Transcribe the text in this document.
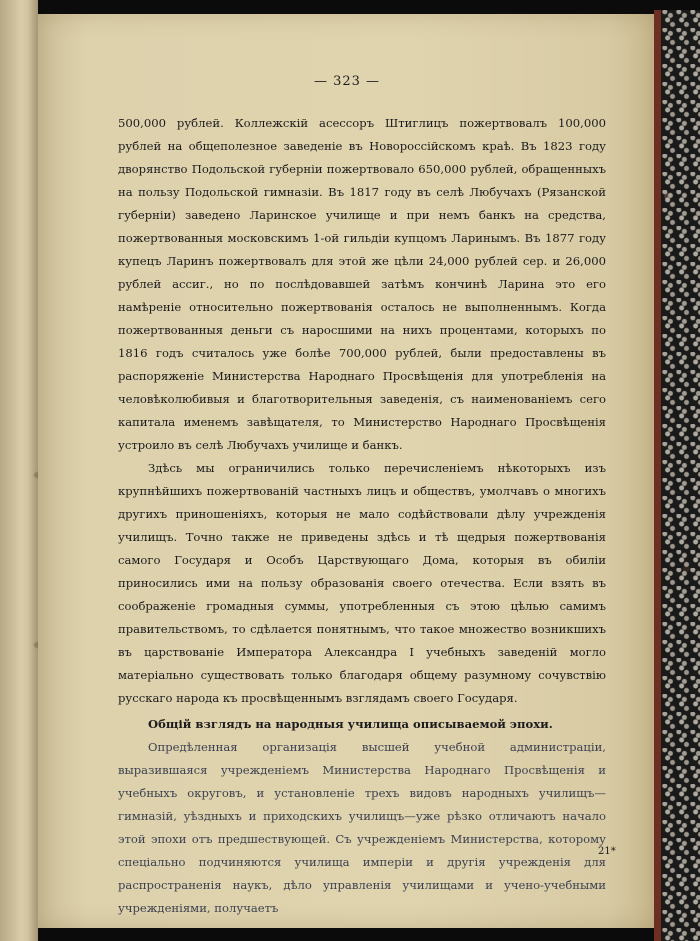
— 323 —

500,000 рублей. Коллежскій асессоръ Штиглицъ пожертвовалъ 100,000 рублей на общеполезное заведеніе въ Новороссійскомъ краѣ. Въ 1823 году дворянство Подольской губерніи пожертвовало 650,000 рублей, обращенныхъ на пользу Подольской гимназіи. Въ 1817 году въ селѣ Любучахъ (Рязанской губерніи) заведено Ларинское училище и при немъ банкъ на средства, пожертвованныя московскимъ 1-ой гильдіи купцомъ Ларинымъ. Въ 1877 году купецъ Ларинъ пожертвовалъ для этой же цѣли 24,000 рублей сер. и 26,000 рублей ассиг., но по послѣдовавшей затѣмъ кончинѣ Ларина это его намѣреніе относительно пожертвованія осталось не выполненнымъ. Когда пожертвованныя деньги съ наросшими на нихъ процентами, которыхъ по 1816 годъ считалось уже болѣе 700,000 рублей, были предоставлены въ распоряженіе Министерства Народнаго Просвѣщенія для употребленія на человѣколюбивыя и благотворительныя заведенія, съ наименованіемъ сего капитала именемъ завѣщателя, то Министерство Народнаго Просвѣщенія устроило въ селѣ Любучахъ училище и банкъ.

Здѣсь мы ограничились только перечисленіемъ нѣкоторыхъ изъ крупнѣйшихъ пожертвованій частныхъ лицъ и обществъ, умолчавъ о многихъ другихъ приношеніяхъ, которыя не мало содѣйствовали дѣлу учрежденія училищъ. Точно также не приведены здѣсь и тѣ щедрыя пожертвованія самого Государя и Особъ Царствующаго Дома, которыя въ обиліи приносились ими на пользу образованія своего отечества. Если взять въ соображеніе громадныя суммы, употребленныя съ этою цѣлью самимъ правительствомъ, то сдѣлается понятнымъ, что такое множество возникшихъ въ царствованіе Императора Александра I учебныхъ заведеній могло матеріально существовать только благодаря общему разумному сочувствію русскаго народа къ просвѣщеннымъ взглядамъ своего Государя.

Общій взглядъ на народныя училища описываемой эпохи.

Опредѣленная организація высшей учебной администраціи, выразившаяся учрежденіемъ Министерства Народнаго Просвѣщенія и учебныхъ округовъ, и установленіе трехъ видовъ народныхъ училищъ—гимназій, уѣздныхъ и приходскихъ училищъ—уже рѣзко отличаютъ начало этой эпохи отъ предшествующей. Съ учрежденіемъ Министерства, которому спеціально подчиняются училища имперіи и другія учрежденія для распространенія наукъ, дѣло управленія училищами и учено-учебными учрежденіями, получаетъ

21*
